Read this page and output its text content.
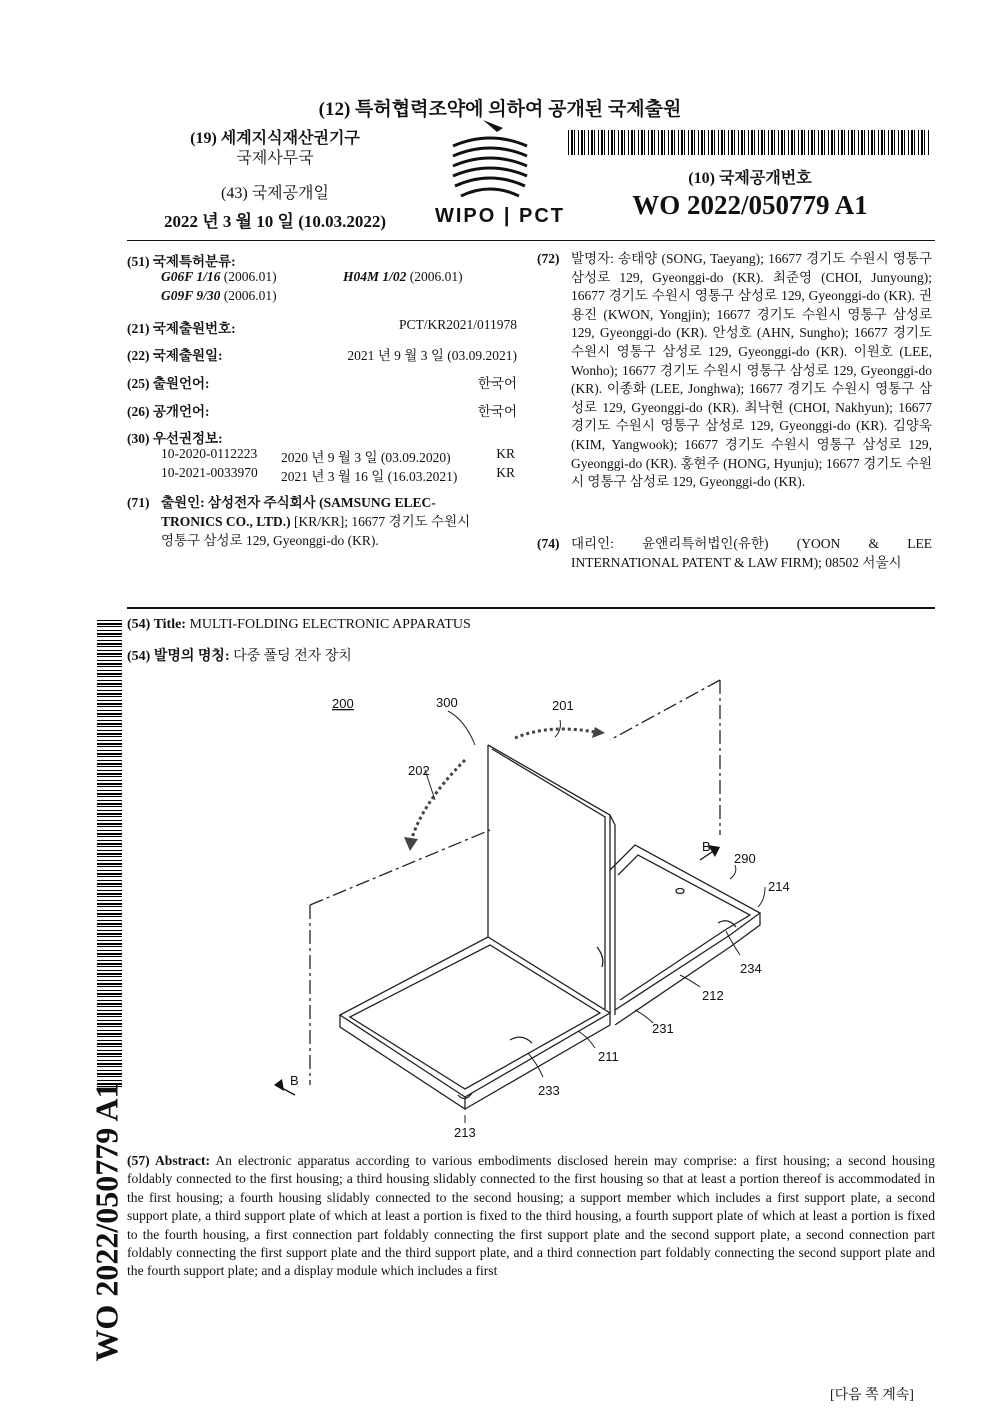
(12) 특허협력조약에 의하여 공개된 국제출원
(19) 세계지식재산권기구
국제사무국
(43) 국제공개일
2022 년 3 월 10 일 (10.03.2022)	WIPO | PCT
(10) 국제공개번호
WO 2022/050779 A1
(51) 국제특허분류:
G06F 1/16 (2006.01)	H04M 1/02 (2006.01)
G09F 9/30 (2006.01)
(21) 국제출원번호:	PCT/KR2021/011978
(22) 국제출원일:	2021 년 9 월 3 일 (03.09.2021)
(25) 출원언어:	한국어
(26) 공개언어:	한국어
(30) 우선권정보:
10-2020-0112223 2020 년 9 월 3 일 (03.09.2020)	KR
10-2021-0033970 2021 년 3 월 16 일 (16.03.2021)	KR
(71) 출원인: 삼성전자 주식회사 (SAMSUNG ELEC-
TRONICS CO., LTD.) [KR/KR]; 16677 경기도 수원시
영통구 삼성로 129, Gyeonggi-do (KR).
(72) 발명자: 송태양 (SONG, Taeyang); 16677 경기도 수원시 영통구 삼성로 129, Gyeonggi-do (KR). 최준영 (CHOI, Junyoung); 16677 경기도 수원시 영통구 삼성로 129, Gyeonggi-do (KR). 권용진 (KWON, Yongjin); 16677 경기도 수원시 영통구 삼성로 129, Gyeonggi-do (KR). 안성호 (AHN, Sungho); 16677 경기도 수원시 영통구 삼성로 129, Gyeonggi-do (KR). 이원호 (LEE, Wonho); 16677 경기도 수원시 영통구 삼성로 129, Gyeonggi-do (KR). 이종화 (LEE, Jonghwa); 16677 경기도 수원시 영통구 삼성로 129, Gyeonggi-do (KR). 최낙현 (CHOI, Nakhyun); 16677 경기도 수원시 영통구 삼성로 129, Gyeonggi-do (KR). 김양욱 (KIM, Yangwook); 16677 경기도 수원시 영통구 삼성로 129, Gyeonggi-do (KR). 홍현주 (HONG, Hyunju); 16677 경기도 수원시 영통구 삼성로 129, Gyeonggi-do (KR).
(74) 대리인: 윤앤리특허법인(유한) (YOON & LEE INTERNATIONAL PATENT & LAW FIRM); 08502 서울시
(54) Title: MULTI-FOLDING ELECTRONIC APPARATUS
(54) 발명의 명칭: 다중 폴딩 전자 장치
WO 2022/050779 A1
200	300	201
202
B
290
214
234
212
231
211
233
B
213
(57) Abstract: An electronic apparatus according to various embodiments disclosed herein may comprise: a first housing; a second housing foldably connected to the first housing; a third housing slidably connected to the first housing so that at least a portion thereof is accommodated in the first housing; a fourth housing slidably connected to the second housing; a support member which includes a first support plate, a second support plate, a third support plate of which at least a portion is fixed to the third housing, a fourth support plate of which at least a portion is fixed to the fourth housing, a first connection part foldably connecting the first support plate and the second support plate, a second connection part foldably connecting the first support plate and the third support plate, and a third connection part foldably connecting the second support plate and the fourth support plate; and a display module which includes a first
[다음 쪽 계속]
